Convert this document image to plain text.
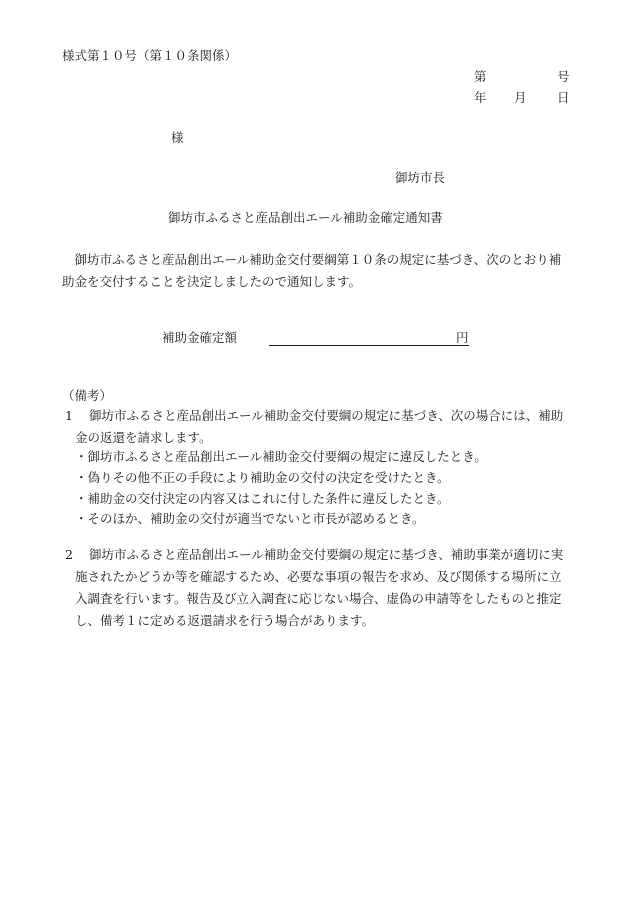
様式第１０号（第１０条関係）
第	号
年 月 日
様
御坊市長
御坊市ふるさと産品創出エール補助金確定通知書
御坊市ふるさと産品創出エール補助金交付要綱第１０条の規定に基づき、次のとおり補助金を交付することを決定しましたので通知します。
補助金確定額	円
（備考）
1	御坊市ふるさと産品創出エール補助金交付要綱の規定に基づき、次の場合には、補助金の返還を請求します。
・御坊市ふるさと産品創出エール補助金交付要綱の規定に違反したとき。
・偽りその他不正の手段により補助金の交付の決定を受けたとき。
・補助金の交付決定の内容又はこれに付した条件に違反したとき。
・そのほか、補助金の交付が適当でないと市長が認めるとき。
2	御坊市ふるさと産品創出エール補助金交付要綱の規定に基づき、補助事業が適切に実施されたかどうか等を確認するため、必要な事項の報告を求め、及び関係する場所に立入調査を行います。報告及び立入調査に応じない場合、虚偽の申請等をしたものと推定し、備考１に定める返還請求を行う場合があります。
